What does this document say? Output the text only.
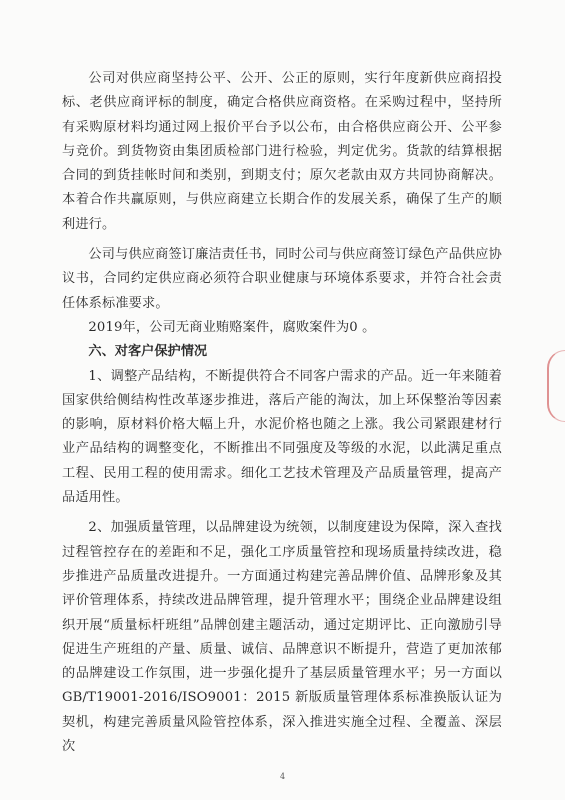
公司对供应商坚持公平、公开、公正的原则，实行年度新供应商招投标、老供应商评标的制度，确定合格供应商资格。在采购过程中，坚持所有采购原材料均通过网上报价平台予以公布，由合格供应商公开、公平参与竞价。到货物资由集团质检部门进行检验，判定优劣。货款的结算根据合同的到货挂帐时间和类别，到期支付；原欠老款由双方共同协商解决。本着合作共赢原则，与供应商建立长期合作的发展关系，确保了生产的顺利进行。

公司与供应商签订廉洁责任书，同时公司与供应商签订绿色产品供应协议书，合同约定供应商必须符合职业健康与环境体系要求，并符合社会责任体系标准要求。

2019年，公司无商业贿赂案件，腐败案件为0 。

六、对客户保护情况

1、调整产品结构，不断提供符合不同客户需求的产品。近一年来随着国家供给侧结构性改革逐步推进，落后产能的淘汰，加上环保整治等因素的影响，原材料价格大幅上升，水泥价格也随之上涨。我公司紧跟建材行业产品结构的调整变化，不断推出不同强度及等级的水泥，以此满足重点工程、民用工程的使用需求。细化工艺技术管理及产品质量管理，提高产品适用性。

2、加强质量管理，以品牌建设为统领，以制度建设为保障，深入查找过程管控存在的差距和不足，强化工序质量管控和现场质量持续改进，稳步推进产品质量改进提升。一方面通过构建完善品牌价值、品牌形象及其评价管理体系，持续改进品牌管理，提升管理水平；围绕企业品牌建设组织开展“质量标杆班组”品牌创建主题活动，通过定期评比、正向激励引导促进生产班组的产量、质量、诚信、品牌意识不断提升，营造了更加浓郁的品牌建设工作氛围，进一步强化提升了基层质量管理水平；另一方面以 GB/T19001-2016/ISO9001：2015 新版质量管理体系标准换版认证为契机，构建完善质量风险管控体系，深入推进实施全过程、全覆盖、深层次

4
